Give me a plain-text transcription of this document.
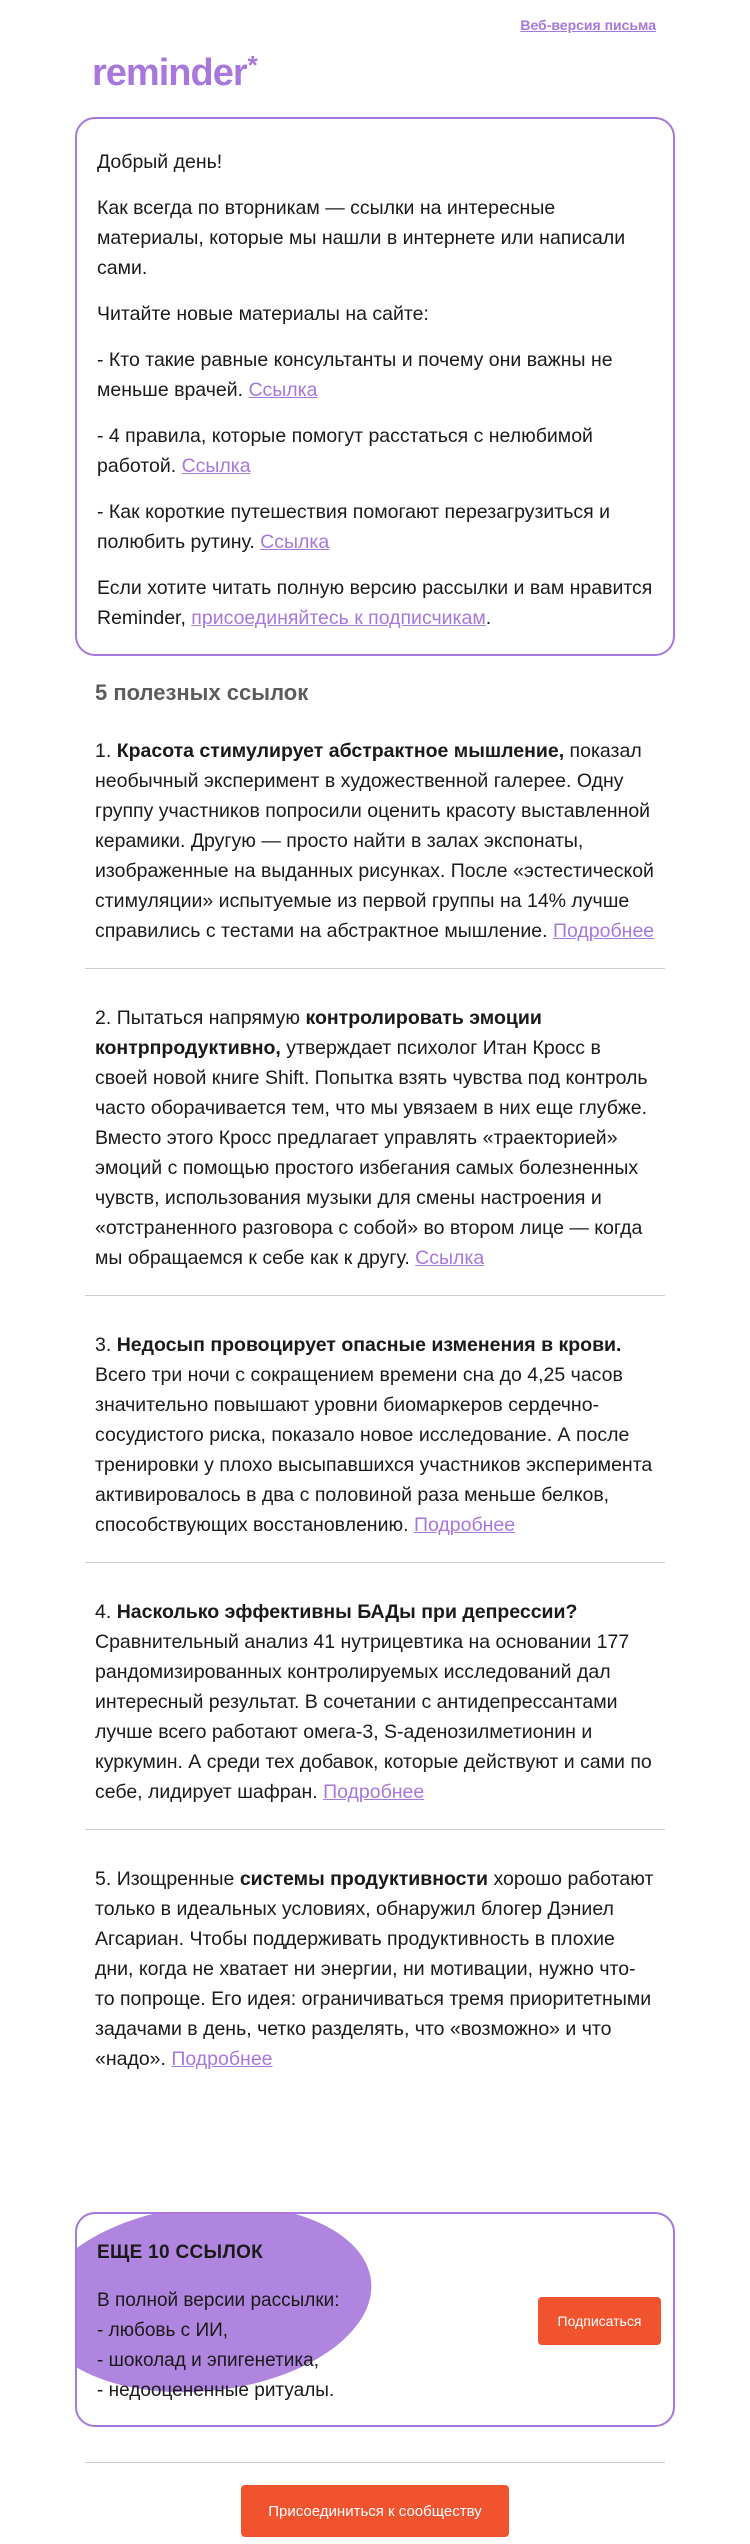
Веб-версия письма
reminder*

Добрый день!

Как всегда по вторникам — ссылки на интересные материалы, которые мы нашли в интернете или написали сами.

Читайте новые материалы на сайте:

- Кто такие равные консультанты и почему они важны не меньше врачей. Ссылка

- 4 правила, которые помогут расстаться с нелюбимой работой. Ссылка

- Как короткие путешествия помогают перезагрузиться и полюбить рутину. Ссылка

Если хотите читать полную версию рассылки и вам нравится Reminder, присоединяйтесь к подписчикам.

5 полезных ссылок
1. Красота стимулирует абстрактное мышление, показал необычный эксперимент в художественной галерее. Одну группу участников попросили оценить красоту выставленной керамики. Другую — просто найти в залах экспонаты, изображенные на выданных рисунках. После «эстестической стимуляции» испытуемые из первой группы на 14% лучше справились с тестами на абстрактное мышление. Подробнее
2. Пытаться напрямую контролировать эмоции контрпродуктивно, утверждает психолог Итан Кросс в своей новой книге Shift. Попытка взять чувства под контроль часто оборачивается тем, что мы увязаем в них еще глубже. Вместо этого Кросс предлагает управлять «траекторией» эмоций с помощью простого избегания самых болезненных чувств, использования музыки для смены настроения и «отстраненного разговора с собой» во втором лице — когда мы обращаемся к себе как к другу. Ссылка
3. Недосып провоцирует опасные изменения в крови. Всего три ночи с сокращением времени сна до 4,25 часов значительно повышают уровни биомаркеров сердечно-сосудистого риска, показало новое исследование. А после тренировки у плохо высыпавшихся участников эксперимента активировалось в два с половиной раза меньше белков, способствующих восстановлению. Подробнее
4. Насколько эффективны БАДы при депрессии? Сравнительный анализ 41 нутрицевтика на основании 177 рандомизированных контролируемых исследований дал интересный результат. В сочетании с антидепрессантами лучше всего работают омега-3, S-аденозилметионин и куркумин. А среди тех добавок, которые действуют и сами по себе, лидирует шафран. Подробнее
5. Изощренные системы продуктивности хорошо работают только в идеальных условиях, обнаружил блогер Дэниел Агсариан. Чтобы поддерживать продуктивность в плохие дни, когда не хватает ни энергии, ни мотивации, нужно что-то попроще. Его идея: ограничиваться тремя приоритетными задачами в день, четко разделять, что «возможно» и что «надо». Подробнее
ЕЩЕ 10 ССЫЛОК
В полной версии рассылки:
- любовь с ИИ,
- шоколад и эпигенетика,
- недооцененные ритуалы.
Подписаться
Присоединиться к сообществу
